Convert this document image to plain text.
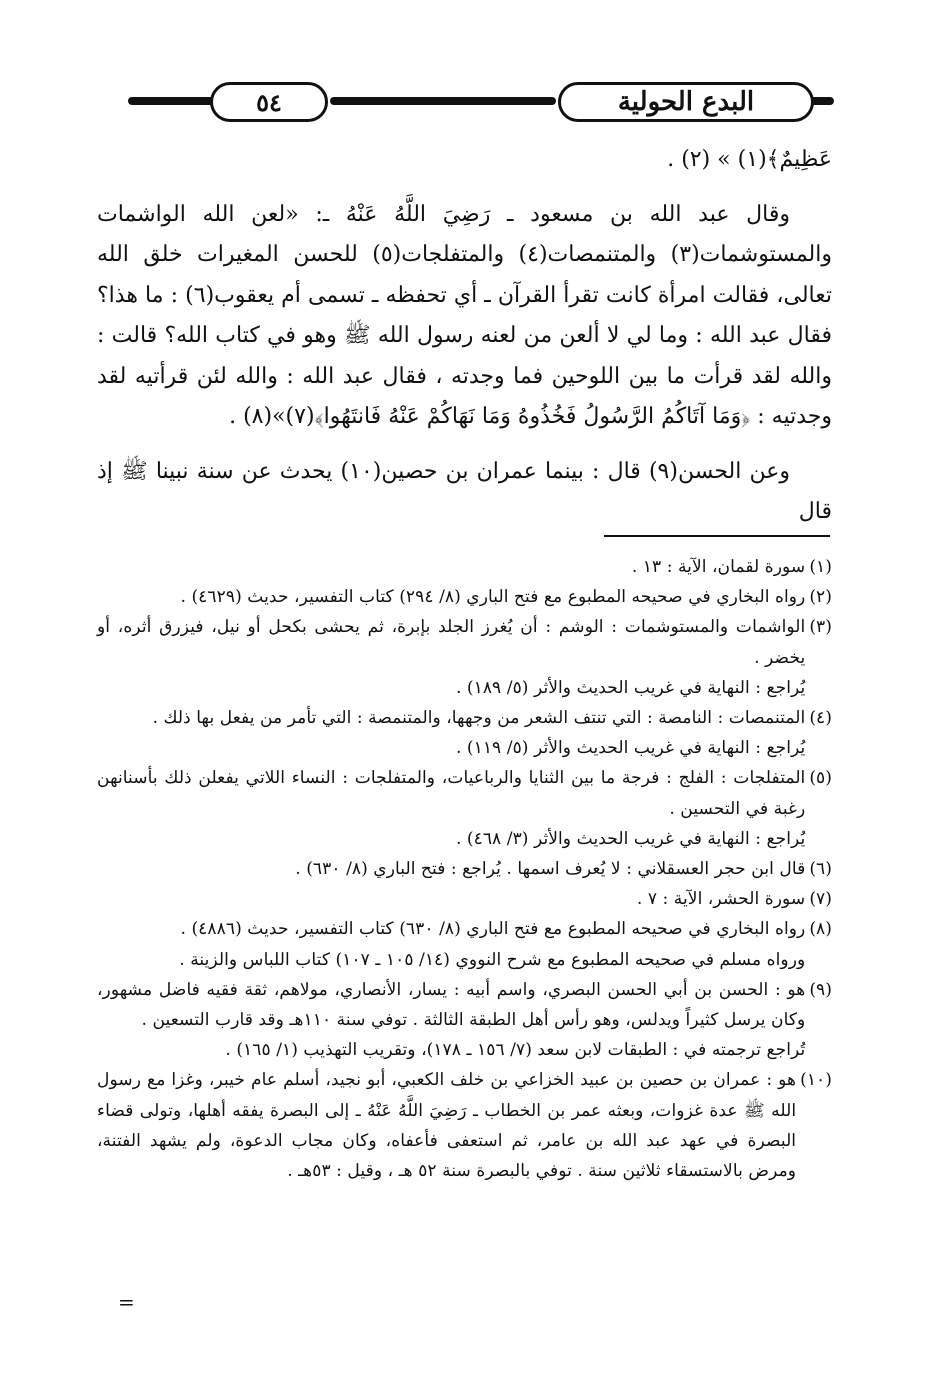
٥٤	البدع الحولية

عَظِيمٌ﴾(١) » (٢) .

وقال عبد الله بن مسعود ـ رَضِيَ اللَّهُ عَنْهُ ـ: «لعن الله الواشمات والمستوشمات(٣) والمتنمصات(٤) والمتفلجات(٥) للحسن المغيرات خلق الله تعالى، فقالت امرأة كانت تقرأ القرآن ـ أي تحفظه ـ تسمى أم يعقوب(٦) : ما هذا؟ فقال عبد الله : وما لي لا ألعن من لعنه رسول الله ﷺ وهو في كتاب الله؟ قالت : والله لقد قرأت ما بين اللوحين فما وجدته ، فقال عبد الله : والله لئن قرأتيه لقد وجدتيه : ﴿وَمَا آتَاكُمُ الرَّسُولُ فَخُذُوهُ وَمَا نَهَاكُمْ عَنْهُ فَانتَهُوا﴾(٧)»(٨) .

وعن الحسن(٩) قال : بينما عمران بن حصين(١٠) يحدث عن سنة نبينا ﷺ إذ قال

(١)
سورة لقمان، الآية : ١٣ .
(٢)
رواه البخاري في صحيحه المطبوع مع فتح الباري (٨/ ٢٩٤) كتاب التفسير، حديث (٤٦٢٩) .
(٣)
الواشمات والمستوشمات : الوشم : أن يُغرز الجلد بإبرة، ثم يحشى بكحل أو نيل، فيزرق أثره، أو يخضر .
يُراجع : النهاية في غريب الحديث والأثر (٥/ ١٨٩) .
(٤)
المتنمصات : النامصة : التي تنتف الشعر من وجهها، والمتنمصة : التي تأمر من يفعل بها ذلك .
يُراجع : النهاية في غريب الحديث والأثر (٥/ ١١٩) .
(٥)
المتفلجات : الفلج : فرجة ما بين الثنايا والرباعيات، والمتفلجات : النساء اللاتي يفعلن ذلك بأسنانهن رغبة في التحسين .
يُراجع : النهاية في غريب الحديث والأثر (٣/ ٤٦٨) .
(٦)
قال ابن حجر العسقلاني : لا يُعرف اسمها . يُراجع : فتح الباري (٨/ ٦٣٠) .
(٧)
سورة الحشر، الآية : ٧ .
(٨)
رواه البخاري في صحيحه المطبوع مع فتح الباري (٨/ ٦٣٠) كتاب التفسير، حديث (٤٨٨٦) .
ورواه مسلم في صحيحه المطبوع مع شرح النووي (١٤/ ١٠٥ ـ ١٠٧) كتاب اللباس والزينة .
(٩)
هو : الحسن بن أبي الحسن البصري، واسم أبيه : يسار، الأنصاري، مولاهم، ثقة فقيه فاضل مشهور، وكان يرسل كثيراً ويدلس، وهو رأس أهل الطبقة الثالثة . توفي سنة ١١٠هـ وقد قارب التسعين .
تُراجع ترجمته في : الطبقات لابن سعد (٧/ ١٥٦ ـ ١٧٨)، وتقريب التهذيب (١/ ١٦٥) .
(١٠)
هو : عمران بن حصين بن عبيد الخزاعي بن خلف الكعبي، أبو نجيد، أسلم عام خيبر، وغزا مع رسول الله ﷺ عدة غزوات، وبعثه عمر بن الخطاب ـ رَضِيَ اللَّهُ عَنْهُ ـ إلى البصرة يفقه أهلها، وتولى قضاء البصرة في عهد عبد الله بن عامر، ثم استعفى فأعفاه، وكان مجاب الدعوة، ولم يشهد الفتنة، ومرض بالاستسقاء ثلاثين سنة . توفي بالبصرة سنة ٥٢ هـ ، وقيل : ٥٣هـ .
=
